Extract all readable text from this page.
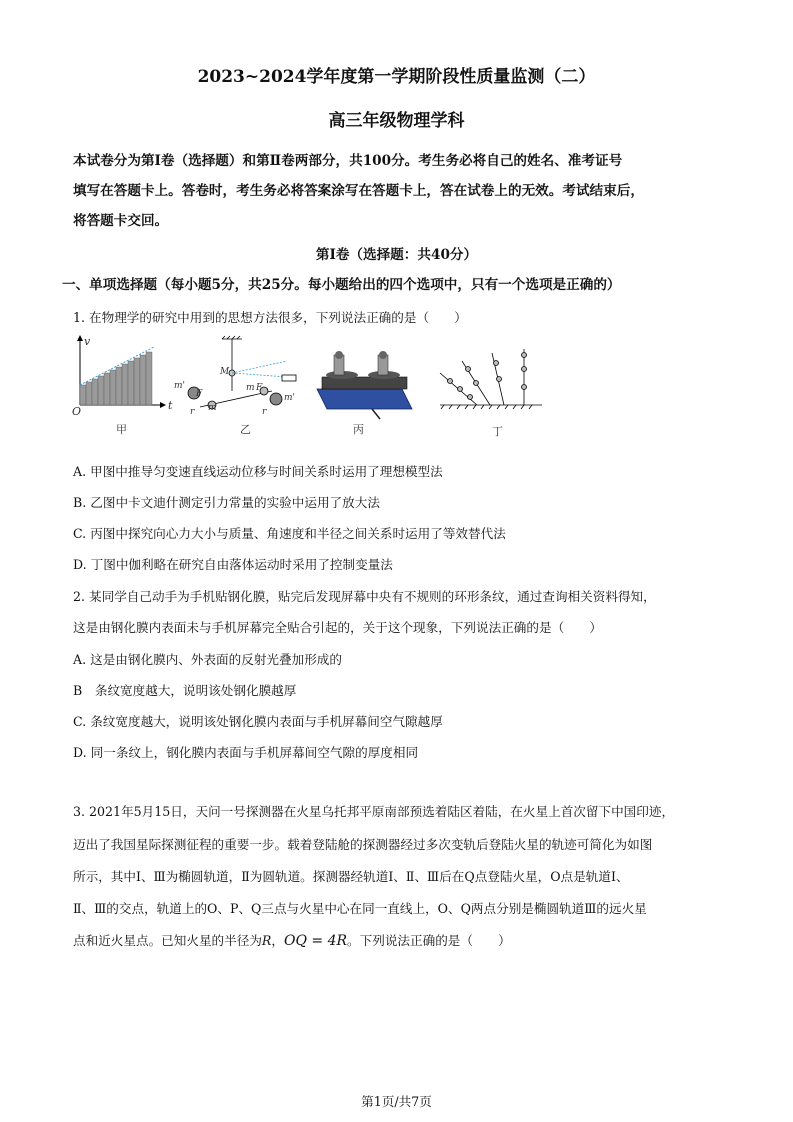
2023~2024学年度第一学期阶段性质量监测（二）
高三年级物理学科

本试卷分为第Ⅰ卷（选择题）和第Ⅱ卷两部分，共100分。考生务必将自己的姓名、准考证号

填写在答题卡上。答卷时，考生务必将答案涂写在答题卡上，答在试卷上的无效。考试结束后，

将答题卡交回。

第Ⅰ卷（选择题：共40分）
一、单项选择题（每小题5分，共25分。每小题给出的四个选项中，只有一个选项是正确的）
1. 在物理学的研究中用到的思想方法很多，下列说法正确的是（　　）
v
t
O
M
m'
m'
m
m
F
F
r	r
甲	乙	丙	丁
A. 甲图中推导匀变速直线运动位移与时间关系时运用了理想模型法
B. 乙图中卡文迪什测定引力常量的实验中运用了放大法
C. 丙图中探究向心力大小与质量、角速度和半径之间关系时运用了等效替代法
D. 丁图中伽利略在研究自由落体运动时采用了控制变量法
2. 某同学自己动手为手机贴钢化膜，贴完后发现屏幕中央有不规则的环形条纹，通过查询相关资料得知，
这是由钢化膜内表面未与手机屏幕完全贴合引起的，关于这个现象，下列说法正确的是（　　）
A. 这是由钢化膜内、外表面的反射光叠加形成的
B　条纹宽度越大，说明该处钢化膜越厚
C. 条纹宽度越大，说明该处钢化膜内表面与手机屏幕间空气隙越厚
D. 同一条纹上，钢化膜内表面与手机屏幕间空气隙的厚度相同
3. 2021年5月15日，天问一号探测器在火星乌托邦平原南部预选着陆区着陆，在火星上首次留下中国印迹，
迈出了我国星际探测征程的重要一步。载着登陆舱的探测器经过多次变轨后登陆火星的轨迹可简化为如图
所示，其中Ⅰ、Ⅲ为椭圆轨道，Ⅱ为圆轨道。探测器经轨道Ⅰ、Ⅱ、Ⅲ后在Q点登陆火星，O点是轨道Ⅰ、
Ⅱ、Ⅲ的交点，轨道上的O、P、Q三点与火星中心在同一直线上，O、Q两点分别是椭圆轨道Ⅲ的远火星
点和近火星点。已知火星的半径为R，OQ = 4R。下列说法正确的是（　　）
第1页/共7页
